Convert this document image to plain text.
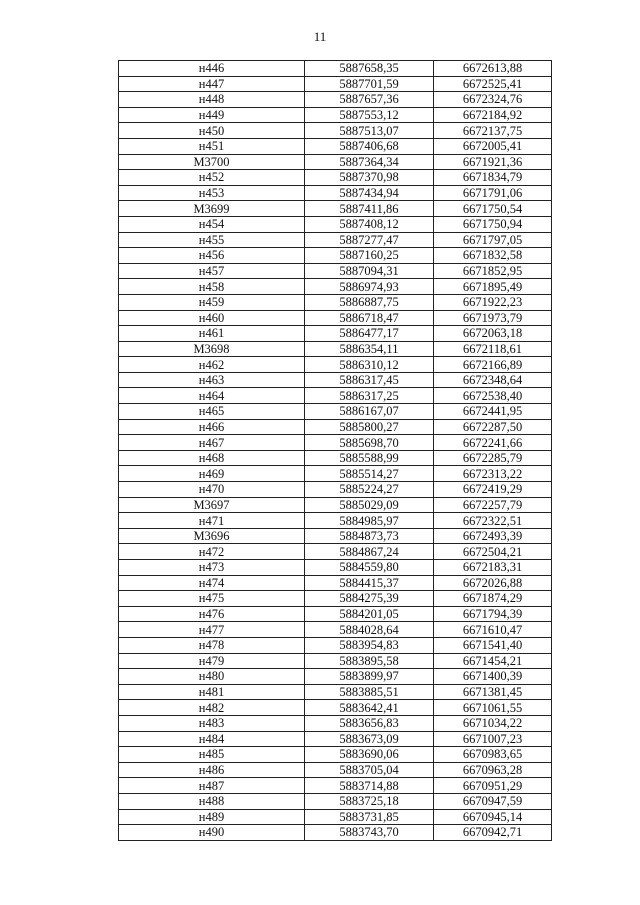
11
н446	5887658,35	6672613,88
н447	5887701,59	6672525,41
н448	5887657,36	6672324,76
н449	5887553,12	6672184,92
н450	5887513,07	6672137,75
н451	5887406,68	6672005,41
М3700	5887364,34	6671921,36
н452	5887370,98	6671834,79
н453	5887434,94	6671791,06
М3699	5887411,86	6671750,54
н454	5887408,12	6671750,94
н455	5887277,47	6671797,05
н456	5887160,25	6671832,58
н457	5887094,31	6671852,95
н458	5886974,93	6671895,49
н459	5886887,75	6671922,23
н460	5886718,47	6671973,79
н461	5886477,17	6672063,18
М3698	5886354,11	6672118,61
н462	5886310,12	6672166,89
н463	5886317,45	6672348,64
н464	5886317,25	6672538,40
н465	5886167,07	6672441,95
н466	5885800,27	6672287,50
н467	5885698,70	6672241,66
н468	5885588,99	6672285,79
н469	5885514,27	6672313,22
н470	5885224,27	6672419,29
М3697	5885029,09	6672257,79
н471	5884985,97	6672322,51
М3696	5884873,73	6672493,39
н472	5884867,24	6672504,21
н473	5884559,80	6672183,31
н474	5884415,37	6672026,88
н475	5884275,39	6671874,29
н476	5884201,05	6671794,39
н477	5884028,64	6671610,47
н478	5883954,83	6671541,40
н479	5883895,58	6671454,21
н480	5883899,97	6671400,39
н481	5883885,51	6671381,45
н482	5883642,41	6671061,55
н483	5883656,83	6671034,22
н484	5883673,09	6671007,23
н485	5883690,06	6670983,65
н486	5883705,04	6670963,28
н487	5883714,88	6670951,29
н488	5883725,18	6670947,59
н489	5883731,85	6670945,14
н490	5883743,70	6670942,71
